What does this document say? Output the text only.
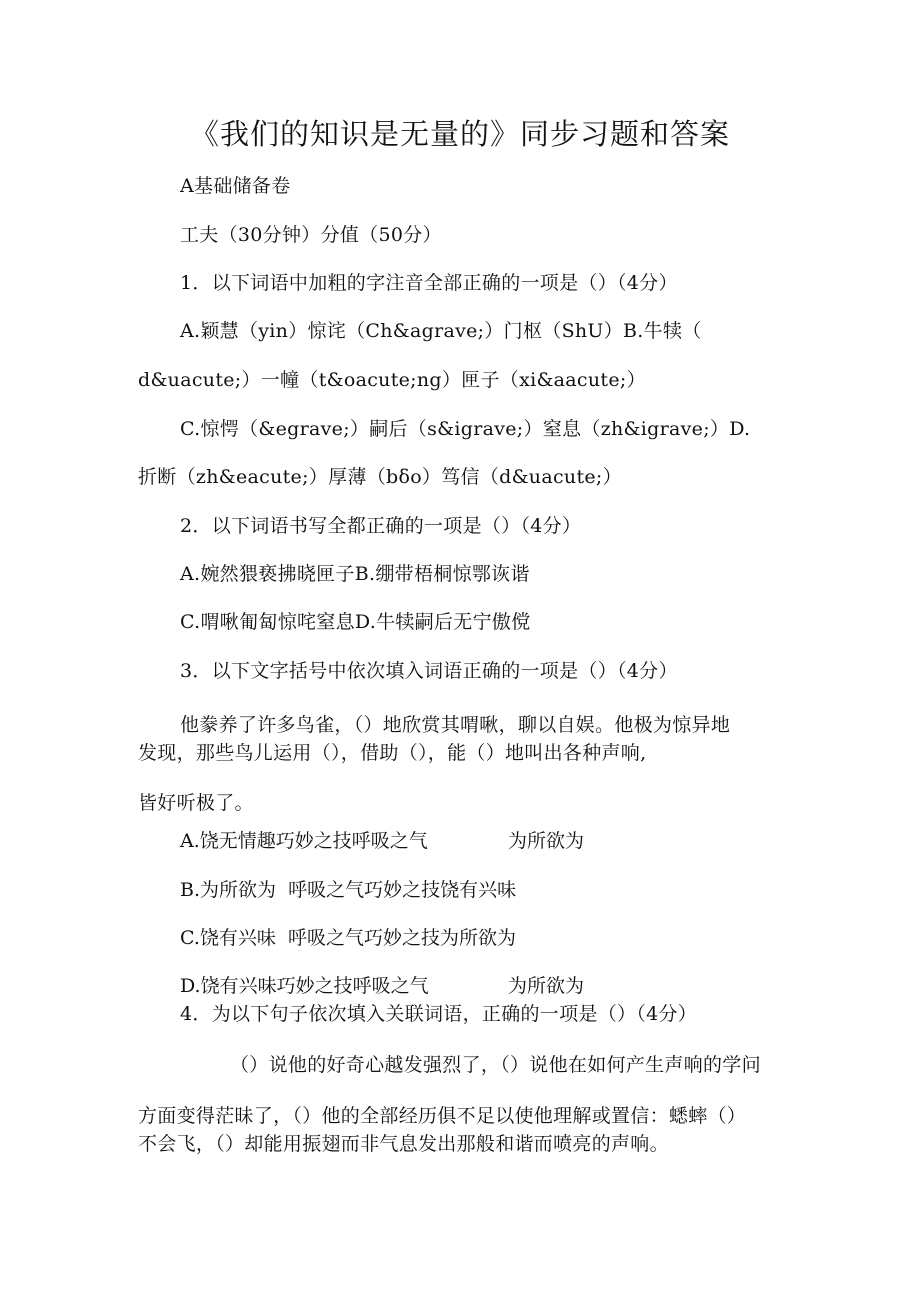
《我们的知识是无量的》同步习题和答案
A基础储备卷
工夫（30分钟）分值（50分）
1．以下词语中加粗的字注音全部正确的一项是（）（4分）
A.颖慧（yin）惊诧（Ch&agrave;）门枢（ShU）B.牛犊（
d&uacute;）一幢（t&oacute;ng）匣子（xi&aacute;）
C.惊愕（&egrave;）嗣后（s&igrave;）窒息（zh&igrave;）D.
折断（zh&eacute;）厚薄（bδo）笃信（d&uacute;）
2．以下词语书写全都正确的一项是（）（4分）
A.婉然猥亵拂晓匣子B.绷带梧桐惊鄂诙谐
C.喟啾匍匐惊咤窒息D.牛犊嗣后无宁傲傥
3．以下文字括号中依次填入词语正确的一项是（）（4分）
他豢养了许多鸟雀，（）地欣赏其喟啾，聊以自娱。他极为惊异地
发现，那些鸟儿运用（），借助（），能（）地叫出各种声响,
皆好听极了。
A.饶无情趣巧妙之技呼吸之气	为所欲为
B.为所欲为  呼吸之气巧妙之技饶有兴味
C.饶有兴味  呼吸之气巧妙之技为所欲为
D.饶有兴味巧妙之技呼吸之气	为所欲为
4．为以下句子依次填入关联词语，正确的一项是（）（4分）
（）说他的好奇心越发强烈了，（）说他在如何产生声响的学问
方面变得茫昧了，（）他的全部经历俱不足以使他理解或置信：蟋蟀（）
不会飞，（）却能用振翅而非气息发出那般和谐而喷亮的声响。
